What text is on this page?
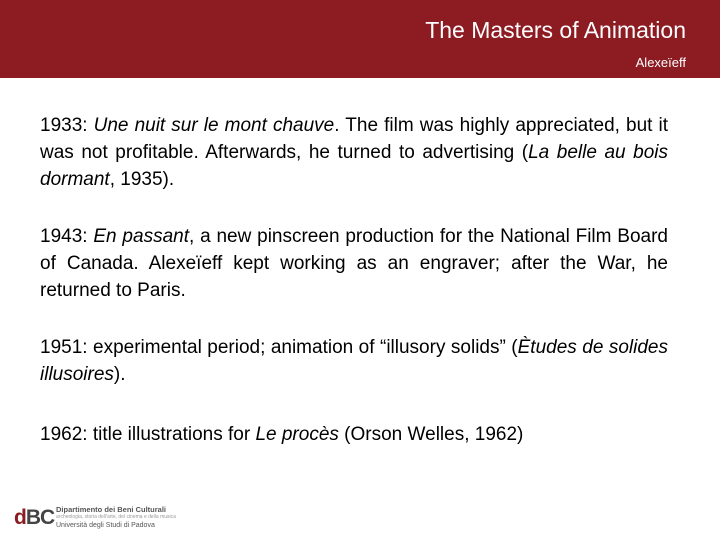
The Masters of Animation
Alexeïeff

1933: Une nuit sur le mont chauve. The film was highly appreciated, but it was not profitable. Afterwards, he turned to advertising (La belle au bois dormant, 1935).

1943: En passant, a new pinscreen production for the National Film Board of Canada. Alexeïeff kept working as an engraver; after the War, he returned to Paris.

1951: experimental period; animation of “illusory solids” (Ètudes de solides illusoires).

1962: title illustrations for Le procès (Orson Welles, 1962)

dBC Dipartimento dei Beni Culturali
archeologia, storia dell'arte, del cinema e della musica
Università degli Studi di Padova
